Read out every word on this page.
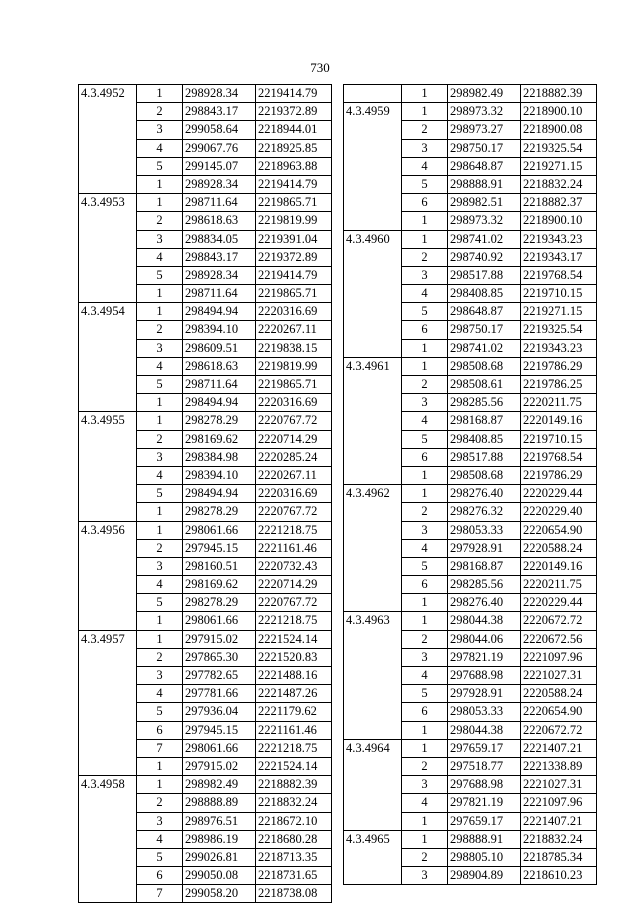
730
4.3.4952	1	298928.34	2219414.79
	2	298843.17	2219372.89
	3	299058.64	2218944.01
	4	299067.76	2218925.85
	5	299145.07	2218963.88
	1	298928.34	2219414.79
4.3.4953	1	298711.64	2219865.71
	2	298618.63	2219819.99
	3	298834.05	2219391.04
	4	298843.17	2219372.89
	5	298928.34	2219414.79
	1	298711.64	2219865.71
4.3.4954	1	298494.94	2220316.69
	2	298394.10	2220267.11
	3	298609.51	2219838.15
	4	298618.63	2219819.99
	5	298711.64	2219865.71
	1	298494.94	2220316.69
4.3.4955	1	298278.29	2220767.72
	2	298169.62	2220714.29
	3	298384.98	2220285.24
	4	298394.10	2220267.11
	5	298494.94	2220316.69
	1	298278.29	2220767.72
4.3.4956	1	298061.66	2221218.75
	2	297945.15	2221161.46
	3	298160.51	2220732.43
	4	298169.62	2220714.29
	5	298278.29	2220767.72
	1	298061.66	2221218.75
4.3.4957	1	297915.02	2221524.14
	2	297865.30	2221520.83
	3	297782.65	2221488.16
	4	297781.66	2221487.26
	5	297936.04	2221179.62
	6	297945.15	2221161.46
	7	298061.66	2221218.75
	1	297915.02	2221524.14
4.3.4958	1	298982.49	2218882.39
	2	298888.89	2218832.24
	3	298976.51	2218672.10
	4	298986.19	2218680.28
	5	299026.81	2218713.35
	6	299050.08	2218731.65
	7	299058.20	2218738.08
	1	298982.49	2218882.39
4.3.4959	1	298973.32	2218900.10
	2	298973.27	2218900.08
	3	298750.17	2219325.54
	4	298648.87	2219271.15
	5	298888.91	2218832.24
	6	298982.51	2218882.37
	1	298973.32	2218900.10
4.3.4960	1	298741.02	2219343.23
	2	298740.92	2219343.17
	3	298517.88	2219768.54
	4	298408.85	2219710.15
	5	298648.87	2219271.15
	6	298750.17	2219325.54
	1	298741.02	2219343.23
4.3.4961	1	298508.68	2219786.29
	2	298508.61	2219786.25
	3	298285.56	2220211.75
	4	298168.87	2220149.16
	5	298408.85	2219710.15
	6	298517.88	2219768.54
	1	298508.68	2219786.29
4.3.4962	1	298276.40	2220229.44
	2	298276.32	2220229.40
	3	298053.33	2220654.90
	4	297928.91	2220588.24
	5	298168.87	2220149.16
	6	298285.56	2220211.75
	1	298276.40	2220229.44
4.3.4963	1	298044.38	2220672.72
	2	298044.06	2220672.56
	3	297821.19	2221097.96
	4	297688.98	2221027.31
	5	297928.91	2220588.24
	6	298053.33	2220654.90
	1	298044.38	2220672.72
4.3.4964	1	297659.17	2221407.21
	2	297518.77	2221338.89
	3	297688.98	2221027.31
	4	297821.19	2221097.96
	1	297659.17	2221407.21
4.3.4965	1	298888.91	2218832.24
	2	298805.10	2218785.34
	3	298904.89	2218610.23
